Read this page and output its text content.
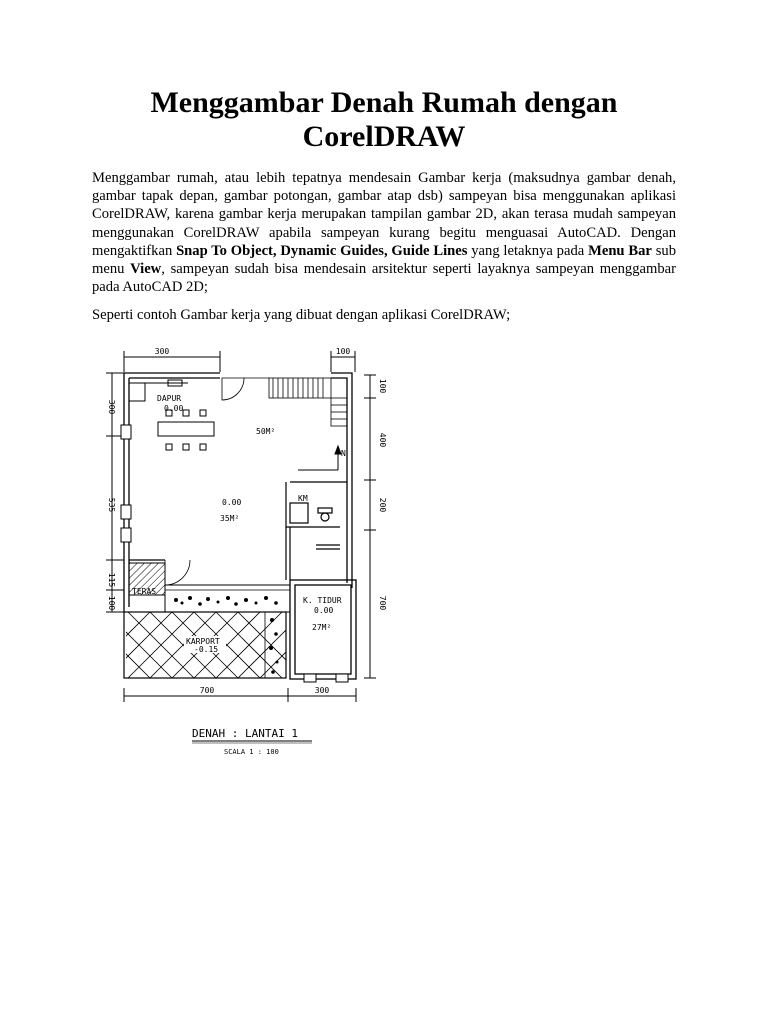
Menggambar Denah Rumah dengan CorelDRAW

Menggambar rumah, atau lebih tepatnya mendesain Gambar kerja (maksudnya gambar denah, gambar tapak depan, gambar potongan, gambar atap dsb) sampeyan bisa menggunakan aplikasi CorelDRAW, karena gambar kerja merupakan tampilan gambar 2D, akan terasa mudah sampeyan menggunakan CorelDRAW apabila sampeyan kurang begitu menguasai AutoCAD. Dengan mengaktifkan Snap To Object, Dynamic Guides, Guide Lines yang letaknya pada Menu Bar sub menu View, sampeyan sudah bisa mendesain arsitektur seperti layaknya sampeyan menggambar pada AutoCAD 2D;

Seperti contoh Gambar kerja yang dibuat dengan aplikasi CorelDRAW;

300	100
300
535
115
100
100
400
200
700
700	300
DAPUR
0.00
50M²
N
0.00
35M²
KM
TERAS
K. TIDUR
0.00
27M²
KARPORT
-0.15
DENAH : LANTAI 1
SCALA 1 : 100
